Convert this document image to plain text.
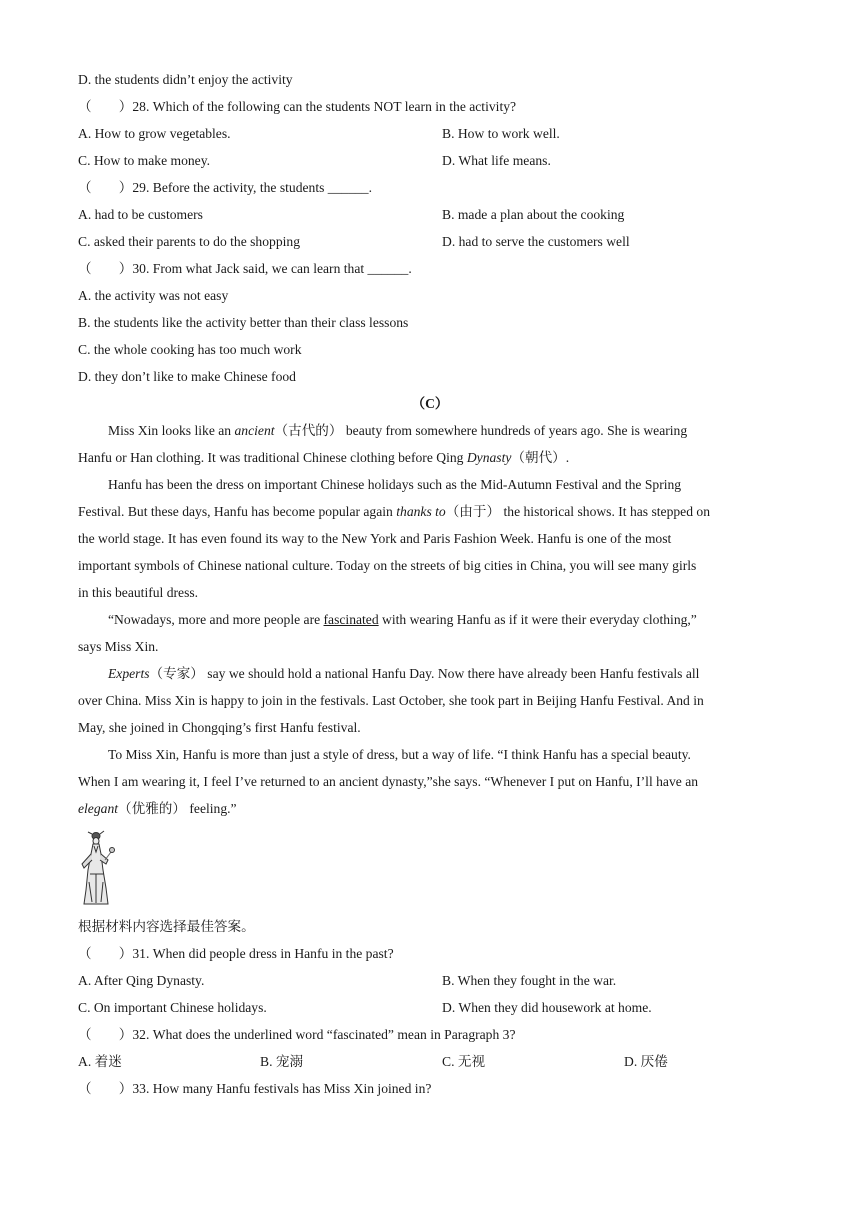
D. the students didn’t enjoy the activity
（　　）28. Which of the following can the students NOT learn in the activity?
A. How to grow vegetables.	B. How to work well.
C. How to make money.	D. What life means.
（　　）29. Before the activity, the students ______.
A. had to be customers	B. made a plan about the cooking
C. asked their parents to do the shopping	D. had to serve the customers well
（　　）30. From what Jack said, we can learn that ______.
A. the activity was not easy
B. the students like the activity better than their class lessons
C. the whole cooking has too much work
D. they don’t like to make Chinese food
（C）
Miss Xin looks like an ancient（古代的） beauty from somewhere hundreds of years ago. She is wearing
Hanfu or Han clothing. It was traditional Chinese clothing before Qing Dynasty（朝代）.
Hanfu has been the dress on important Chinese holidays such as the Mid-Autumn Festival and the Spring
Festival. But these days, Hanfu has become popular again thanks to（由于） the historical shows. It has stepped on
the world stage. It has even found its way to the New York and Paris Fashion Week. Hanfu is one of the most
important symbols of Chinese national culture. Today on the streets of big cities in China, you will see many girls
in this beautiful dress.
“Nowadays, more and more people are fascinated with wearing Hanfu as if it were their everyday clothing,”
says Miss Xin.
Experts（专家） say we should hold a national Hanfu Day. Now there have already been Hanfu festivals all
over China. Miss Xin is happy to join in the festivals. Last October, she took part in Beijing Hanfu Festival. And in
May, she joined in Chongqing’s first Hanfu festival.
To Miss Xin, Hanfu is more than just a style of dress, but a way of life. “I think Hanfu has a special beauty.
When I am wearing it, I feel I’ve returned to an ancient dynasty,”she says. “Whenever I put on Hanfu, I’ll have an
elegant（优雅的） feeling.”
根据材料内容选择最佳答案。
（　　）31. When did people dress in Hanfu in the past?
A. After Qing Dynasty.	B. When they fought in the war.
C. On important Chinese holidays.	D. When they did housework at home.
（　　）32. What does the underlined word “fascinated” mean in Paragraph 3?
A. 着迷	B. 宠溺	C. 无视	D. 厌倦
（　　）33. How many Hanfu festivals has Miss Xin joined in?
